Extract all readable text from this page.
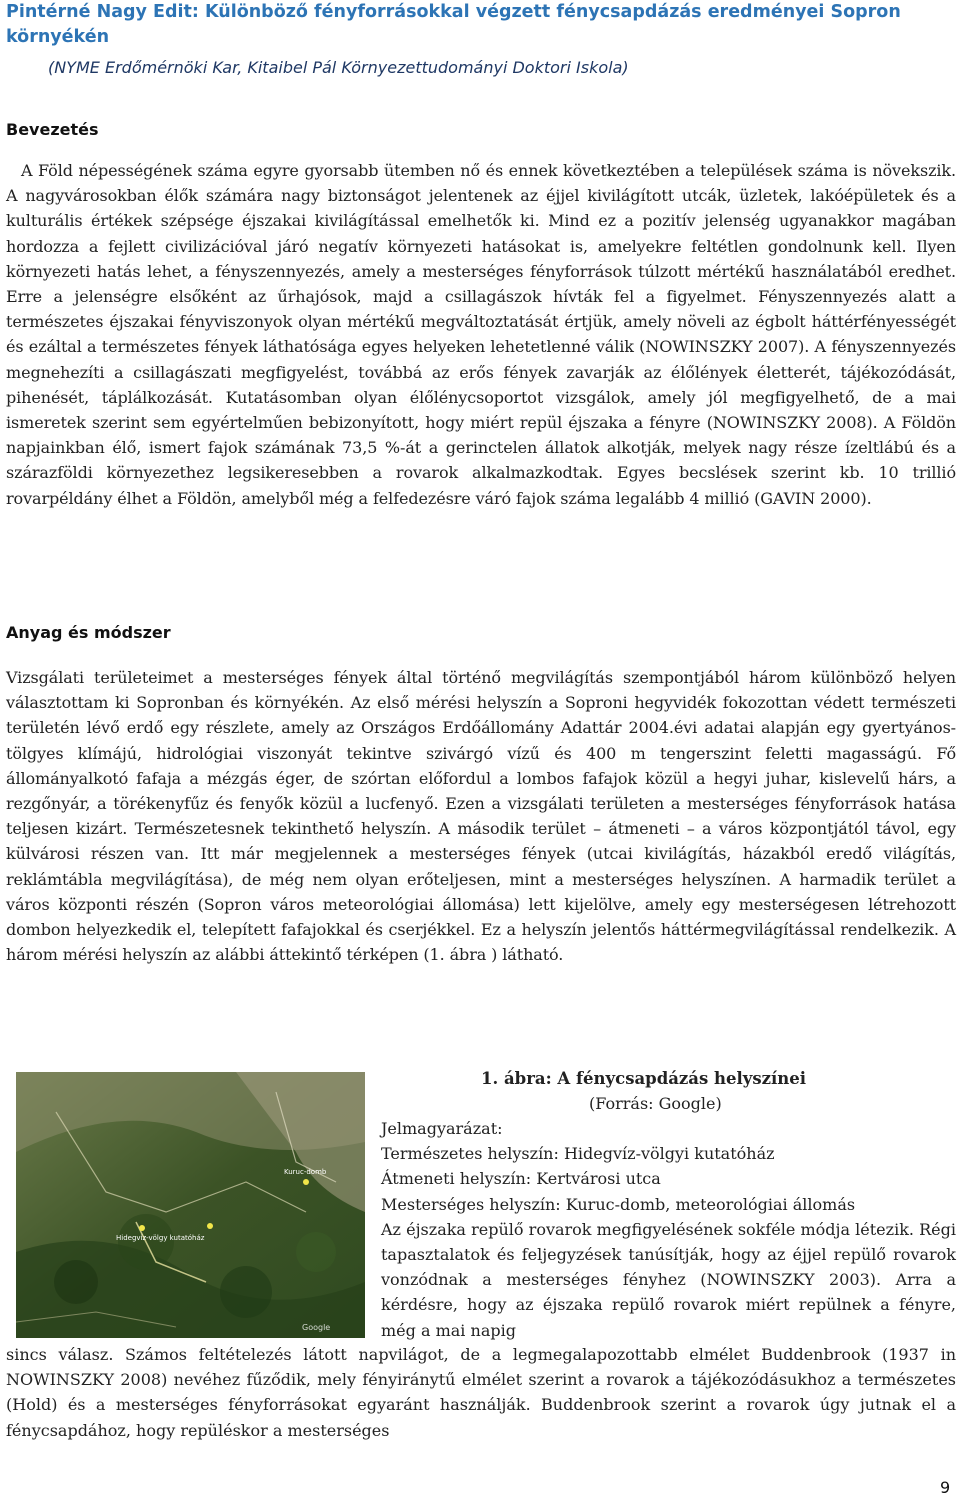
Pintérné Nagy Edit: Különböző fényforrásokkal végzett fénycsapdázás eredményei Sopron környékén

(NYME Erdőmérnöki Kar, Kitaibel Pál Környezettudományi Doktori Iskola)

Bevezetés

A Föld népességének száma egyre gyorsabb ütemben nő és ennek következtében a települések száma is növekszik. A nagyvárosokban élők számára nagy biztonságot jelentenek az éjjel kivilágított utcák, üzletek, lakóépületek és a kulturális értékek szépsége éjszakai kivilágítással emelhetők ki. Mind ez a pozitív jelenség ugyanakkor magában hordozza a fejlett civilizációval járó negatív környezeti hatásokat is, amelyekre feltétlen gondolnunk kell. Ilyen környezeti hatás lehet, a fényszennyezés, amely a mesterséges fényforrások túlzott mértékű használatából eredhet. Erre a jelenségre elsőként az űrhajósok, majd a csillagászok hívták fel a figyelmet. Fényszennyezés alatt a természetes éjszakai fényviszonyok olyan mértékű megváltoztatását értjük, amely növeli az égbolt háttérfényességét és ezáltal a természetes fények láthatósága egyes helyeken lehetetlenné válik (NOWINSZKY 2007). A fényszennyezés megnehezíti a csillagászati megfigyelést, továbbá az erős fények zavarják az élőlények életterét, tájékozódását, pihenését, táplálkozását. Kutatásomban olyan élőlénycsoportot vizsgálok, amely jól megfigyelhető, de a mai ismeretek szerint sem egyértelműen bebizonyított, hogy miért repül éjszaka a fényre (NOWINSZKY 2008). A Földön napjainkban élő, ismert fajok számának 73,5 %-át a gerinctelen állatok alkotják, melyek nagy része ízeltlábú és a szárazföldi környezethez legsikeresebben a rovarok alkalmazkodtak. Egyes becslések szerint kb. 10 trillió rovarpéldány élhet a Földön, amelyből még a felfedezésre váró fajok száma legalább 4 millió (GAVIN 2000).

Anyag és módszer

Vizsgálati területeimet a mesterséges fények által történő megvilágítás szempontjából három különböző helyen választottam ki Sopronban és környékén. Az első mérési helyszín a Soproni hegyvidék fokozottan védett természeti területén lévő erdő egy részlete, amely az Országos Erdőállomány Adattár 2004.évi adatai alapján egy gyertyános-tölgyes klímájú, hidrológiai viszonyát tekintve szivárgó vízű és 400 m tengerszint feletti magasságú. Fő állományalkotó fafaja a mézgás éger, de szórtan előfordul a lombos fafajok közül a hegyi juhar, kislevelű hárs, a rezgőnyár, a törékenyfűz és fenyők közül a lucfenyő. Ezen a vizsgálati területen a mesterséges fényforrások hatása teljesen kizárt. Természetesnek tekinthető helyszín. A második terület – átmeneti – a város központjától távol, egy külvárosi részen van. Itt már megjelennek a mesterséges fények (utcai kivilágítás, házakból eredő világítás, reklámtábla megvilágítása), de még nem olyan erőteljesen, mint a mesterséges helyszínen. A harmadik terület a város központi részén (Sopron város meteorológiai állomása) lett kijelölve, amely egy mesterségesen létrehozott dombon helyezkedik el, telepített fafajokkal és cserjékkel. Ez a helyszín jelentős háttérmegvilágítással rendelkezik. A három mérési helyszín az alábbi áttekintő térképen (1. ábra ) látható.

Hidegvíz-völgy kutatóház
Kuruc-domb
Google

1. ábra: A fénycsapdázás helyszínei

(Forrás: Google)

Jelmagyarázat:

Természetes helyszín: Hidegvíz-völgyi kutatóház

Átmeneti helyszín: Kertvárosi utca

Mesterséges helyszín: Kuruc-domb, meteorológiai állomás

Az éjszaka repülő rovarok megfigyelésének sokféle módja létezik. Régi tapasztalatok és feljegyzések tanúsítják, hogy az éjjel repülő rovarok vonzódnak a mesterséges fényhez (NOWINSZKY 2003). Arra a kérdésre, hogy az éjszaka repülő rovarok miért repülnek a fényre, még a mai napig

sincs válasz. Számos feltételezés látott napvilágot, de a legmegalapozottabb elmélet Buddenbrook (1937 in NOWINSZKY 2008) nevéhez fűződik, mely fényiránytű elmélet szerint a rovarok a tájékozódásukhoz a természetes (Hold) és a mesterséges fényforrásokat egyaránt használják. Buddenbrook szerint a rovarok úgy jutnak el a fénycsapdához, hogy repüléskor a mesterséges

9
